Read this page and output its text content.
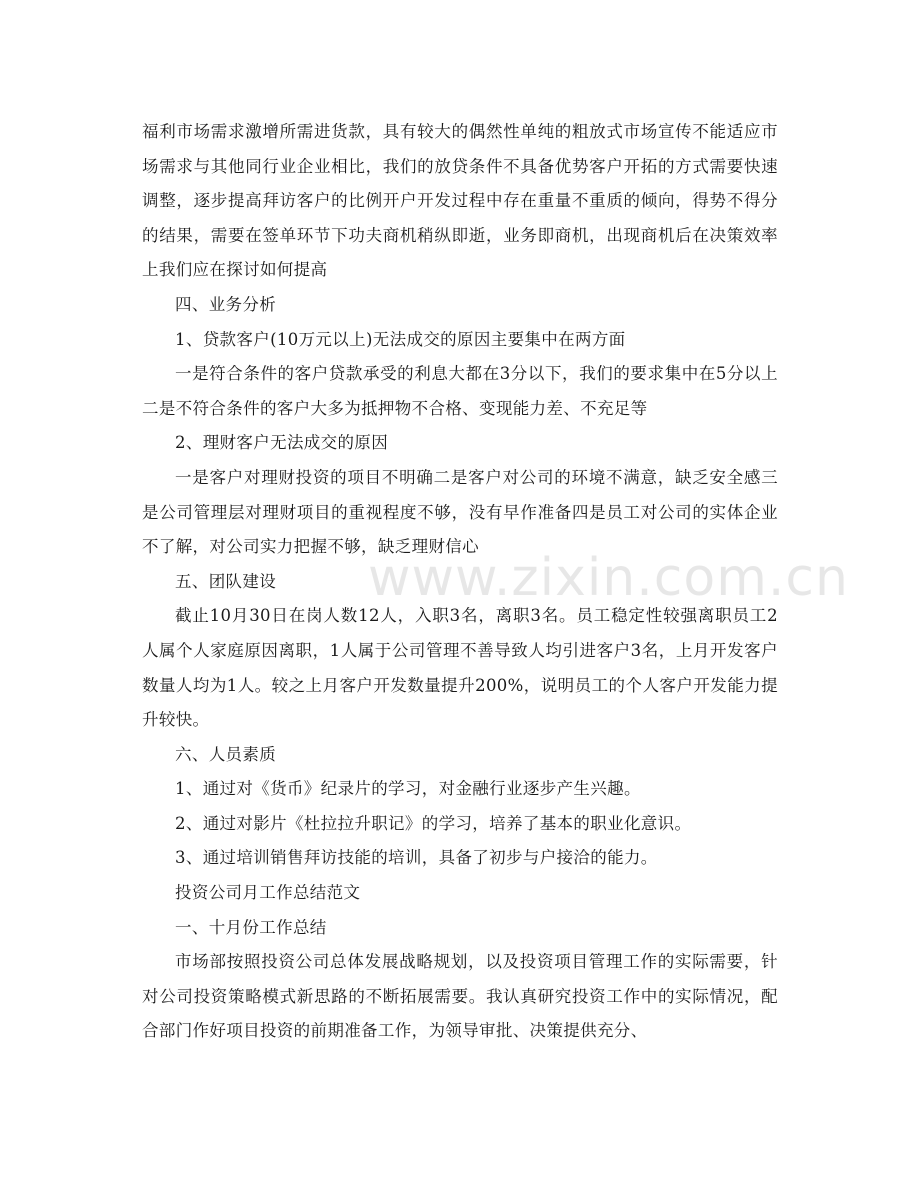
福利市场需求激增所需进货款，具有较大的偶然性单纯的粗放式市场宣传不能适应市场需求与其他同行业企业相比，我们的放贷条件不具备优势客户开拓的方式需要快速调整，逐步提高拜访客户的比例开户开发过程中存在重量不重质的倾向，得势不得分的结果，需要在签单环节下功夫商机稍纵即逝，业务即商机，出现商机后在决策效率上我们应在探讨如何提高

四、业务分析

1、贷款客户(10万元以上)无法成交的原因主要集中在两方面

一是符合条件的客户贷款承受的利息大都在3分以下，我们的要求集中在5分以上二是不符合条件的客户大多为抵押物不合格、变现能力差、不充足等

2、理财客户无法成交的原因

一是客户对理财投资的项目不明确二是客户对公司的环境不满意，缺乏安全感三是公司管理层对理财项目的重视程度不够，没有早作准备四是员工对公司的实体企业不了解，对公司实力把握不够，缺乏理财信心

五、团队建设

截止10月30日在岗人数12人，入职3名，离职3名。员工稳定性较强离职员工2人属个人家庭原因离职，1人属于公司管理不善导致人均引进客户3名，上月开发客户数量人均为1人。较之上月客户开发数量提升200%，说明员工的个人客户开发能力提升较快。

六、人员素质

1、通过对《货币》纪录片的学习，对金融行业逐步产生兴趣。

2、通过对影片《杜拉拉升职记》的学习，培养了基本的职业化意识。

3、通过培训销售拜访技能的培训，具备了初步与户接洽的能力。

投资公司月工作总结范文

一、十月份工作总结

市场部按照投资公司总体发展战略规划，以及投资项目管理工作的实际需要，针对公司投资策略模式新思路的不断拓展需要。我认真研究投资工作中的实际情况，配合部门作好项目投资的前期准备工作，为领导审批、决策提供充分、

www.zixin.com.cn
